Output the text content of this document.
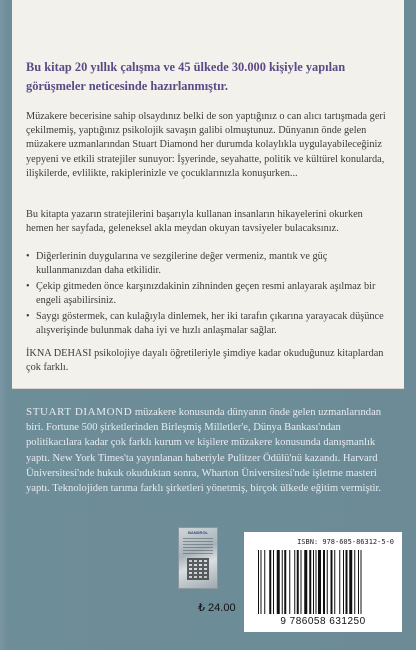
Bu kitap 20 yıllık çalışma ve 45 ülkede 30.000 kişiyle yapılan görüşmeler neticesinde hazırlanmıştır.
Müzakere becerisine sahip olsaydınız belki de son yaptığınız o can alıcı tartışmada geri çekilmemiş, yaptığınız psikolojik savaşın galibi olmuştunuz. Dünyanın önde gelen müzakere uzmanlarından Stuart Diamond her durumda kolaylıkla uygulayabileceğiniz yepyeni ve etkili stratejiler sunuyor: İşyerinde, seyahatte, politik ve kültürel konularda, ilişkilerde, evlilikte, rakiplerinizle ve çocuklarınızla konuşurken...
Bu kitapta yazarın stratejilerini başarıyla kullanan insanların hikayelerini okurken hemen her sayfada, geleneksel akla meydan okuyan tavsiyeler bulacaksınız.
• Diğerlerinin duygularına ve sezgilerine değer vermeniz, mantık ve güç kullanmanızdan daha etkilidir.
• Çekip gitmeden önce karşınızdakinin zihninden geçen resmi anlayarak aşılmaz bir engeli aşabilirsiniz.
• Saygı göstermek, can kulağıyla dinlemek, her iki tarafın çıkarına yarayacak düşünce alışverişinde bulunmak daha iyi ve hızlı anlaşmalar sağlar.
İKNA DEHASI psikolojiye dayalı öğretileriyle şimdiye kadar okuduğunuz kitaplardan çok farklı.
STUART DIAMOND müzakere konusunda dünyanın önde gelen uzmanlarından biri. Fortune 500 şirketlerinden Birleşmiş Milletler'e, Dünya Bankası'ndan politikacılara kadar çok farklı kurum ve kişilere müzakere konusunda danışmanlık yaptı. New York Times'ta yayınlanan haberiyle Pulitzer Ödülü'nü kazandı. Harvard Üniversitesi'nde hukuk okuduktan sonra, Wharton Üniversitesi'nde işletme masteri yaptı. Teknolojiden tarıma farklı şirketleri yönetmiş, birçok ülkede eğitim vermiştir.
BANDROL
₺ 24.00
ISBN: 978-605-86312-5-0
9 786058 631250
